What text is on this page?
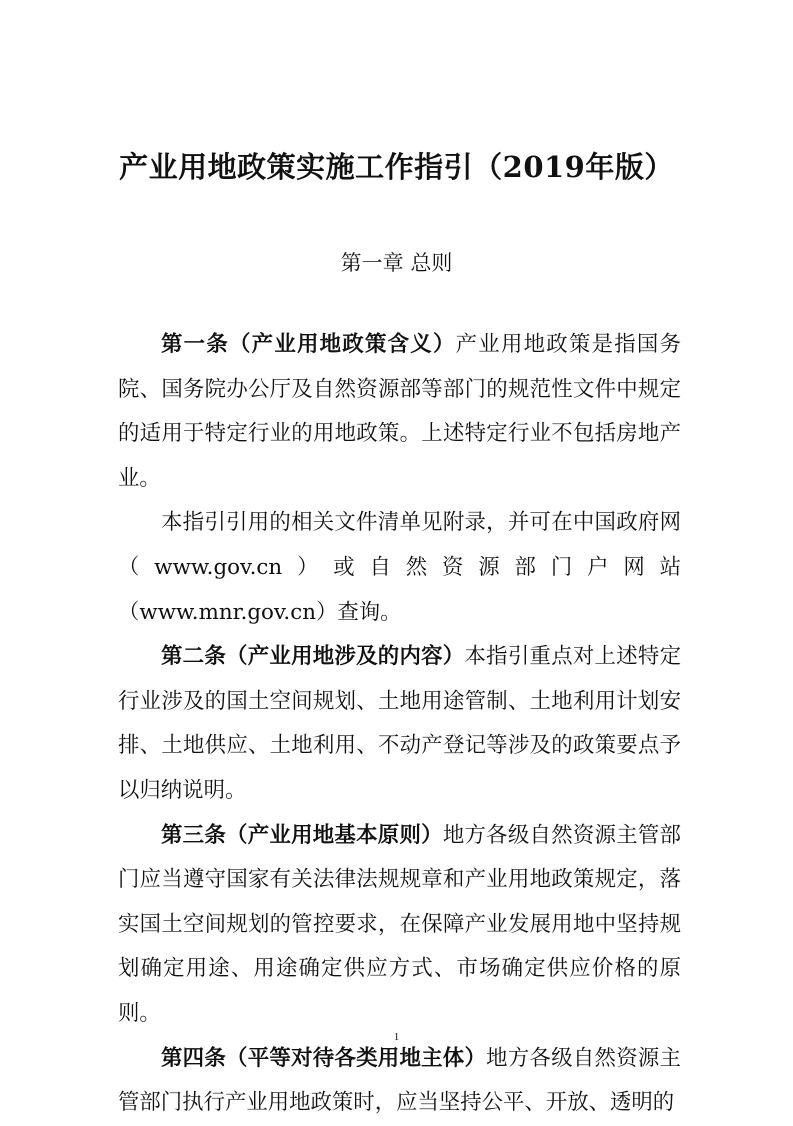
产业用地政策实施工作指引（2019年版）
第一章 总则

第一条（产业用地政策含义）产业用地政策是指国务院、国务院办公厅及自然资源部等部门的规范性文件中规定的适用于特定行业的用地政策。上述特定行业不包括房地产业。

本指引引用的相关文件清单见附录，并可在中国政府网（www.gov.cn）或自然资源部门户网站（www.mnr.gov.cn）查询。

第二条（产业用地涉及的内容）本指引重点对上述特定行业涉及的国土空间规划、土地用途管制、土地利用计划安排、土地供应、土地利用、不动产登记等涉及的政策要点予以归纳说明。

第三条（产业用地基本原则）地方各级自然资源主管部门应当遵守国家有关法律法规规章和产业用地政策规定，落实国土空间规划的管控要求，在保障产业发展用地中坚持规划确定用途、用途确定供应方式、市场确定供应价格的原则。

第四条（平等对待各类用地主体）地方各级自然资源主管部门执行产业用地政策时，应当坚持公平、开放、透明的

1
